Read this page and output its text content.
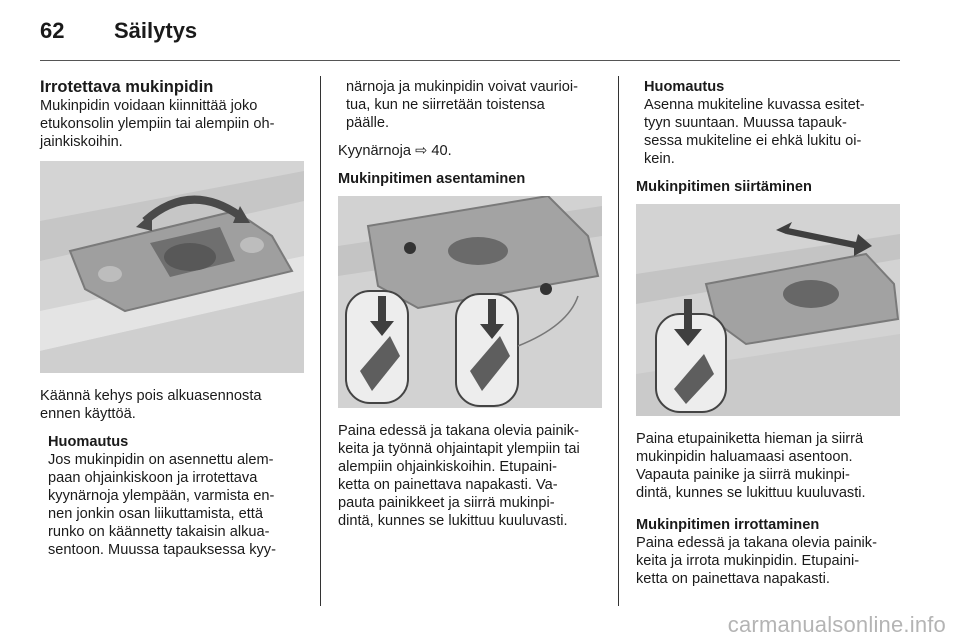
62 Säilytys

Irrotettava mukinpidin

Mukinpidin voidaan kiinnittää joko
etukonsolin ylempiin tai alempiin oh-
jainkiskoihin.

Käännä kehys pois alkuasennosta
ennen käyttöä.

Huomautus

Jos mukinpidin on asennettu alem-
paan ohjainkiskoon ja irrotettava
kyynärnoja ylempään, varmista en-
nen jonkin osan liikuttamista, että
runko on käännetty takaisin alkua-
sentoon. Muussa tapauksessa kyy-

närnoja ja mukinpidin voivat vaurioi-
tua, kun ne siirretään toistensa
päälle.

Kyynärnoja ⇨ 40.

Mukinpitimen asentaminen

Paina edessä ja takana olevia painik-
keita ja työnnä ohjaintapit ylempiin tai
alempiin ohjainkiskoihin. Etupaini-
ketta on painettava napakasti. Va-
pauta painikkeet ja siirrä mukinpi-
dintä, kunnes se lukittuu kuuluvasti.

Huomautus

Asenna mukiteline kuvassa esitet-
tyyn suuntaan. Muussa tapauk-
sessa mukiteline ei ehkä lukitu oi-
kein.

Mukinpitimen siirtäminen

Paina etupainiketta hieman ja siirrä
mukinpidin haluamaasi asentoon.
Vapauta painike ja siirrä mukinpi-
dintä, kunnes se lukittuu kuuluvasti.

Mukinpitimen irrottaminen

Paina edessä ja takana olevia painik-
keita ja irrota mukinpidin. Etupaini-
ketta on painettava napakasti.

carmanualsonline.info
